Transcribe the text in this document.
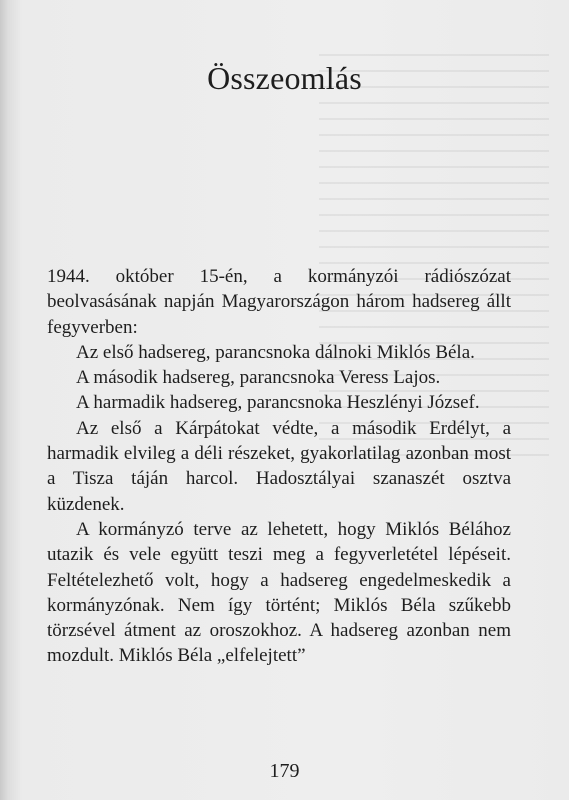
Összeomlás

1944. október 15-én, a kormányzói rádiószózat beolvasásának napján Magyarországon három hadsereg állt fegyverben:

Az első hadsereg, parancsnoka dálnoki Miklós Béla.

A második hadsereg, parancsnoka Veress Lajos.

A harmadik hadsereg, parancsnoka Heszlényi József.

Az első a Kárpátokat védte, a második Erdélyt, a harmadik elvileg a déli részeket, gyakorlatilag azonban most a Tisza táján harcol. Hadosztályai szanaszét osztva küzdenek.

A kormányzó terve az lehetett, hogy Miklós Bélához utazik és vele együtt teszi meg a fegyverletétel lépéseit. Feltételezhető volt, hogy a hadsereg engedelmeskedik a kormányzónak. Nem így történt; Miklós Béla szűkebb törzsével átment az oroszokhoz. A hadsereg azonban nem mozdult. Miklós Béla „elfelejtett”

179
